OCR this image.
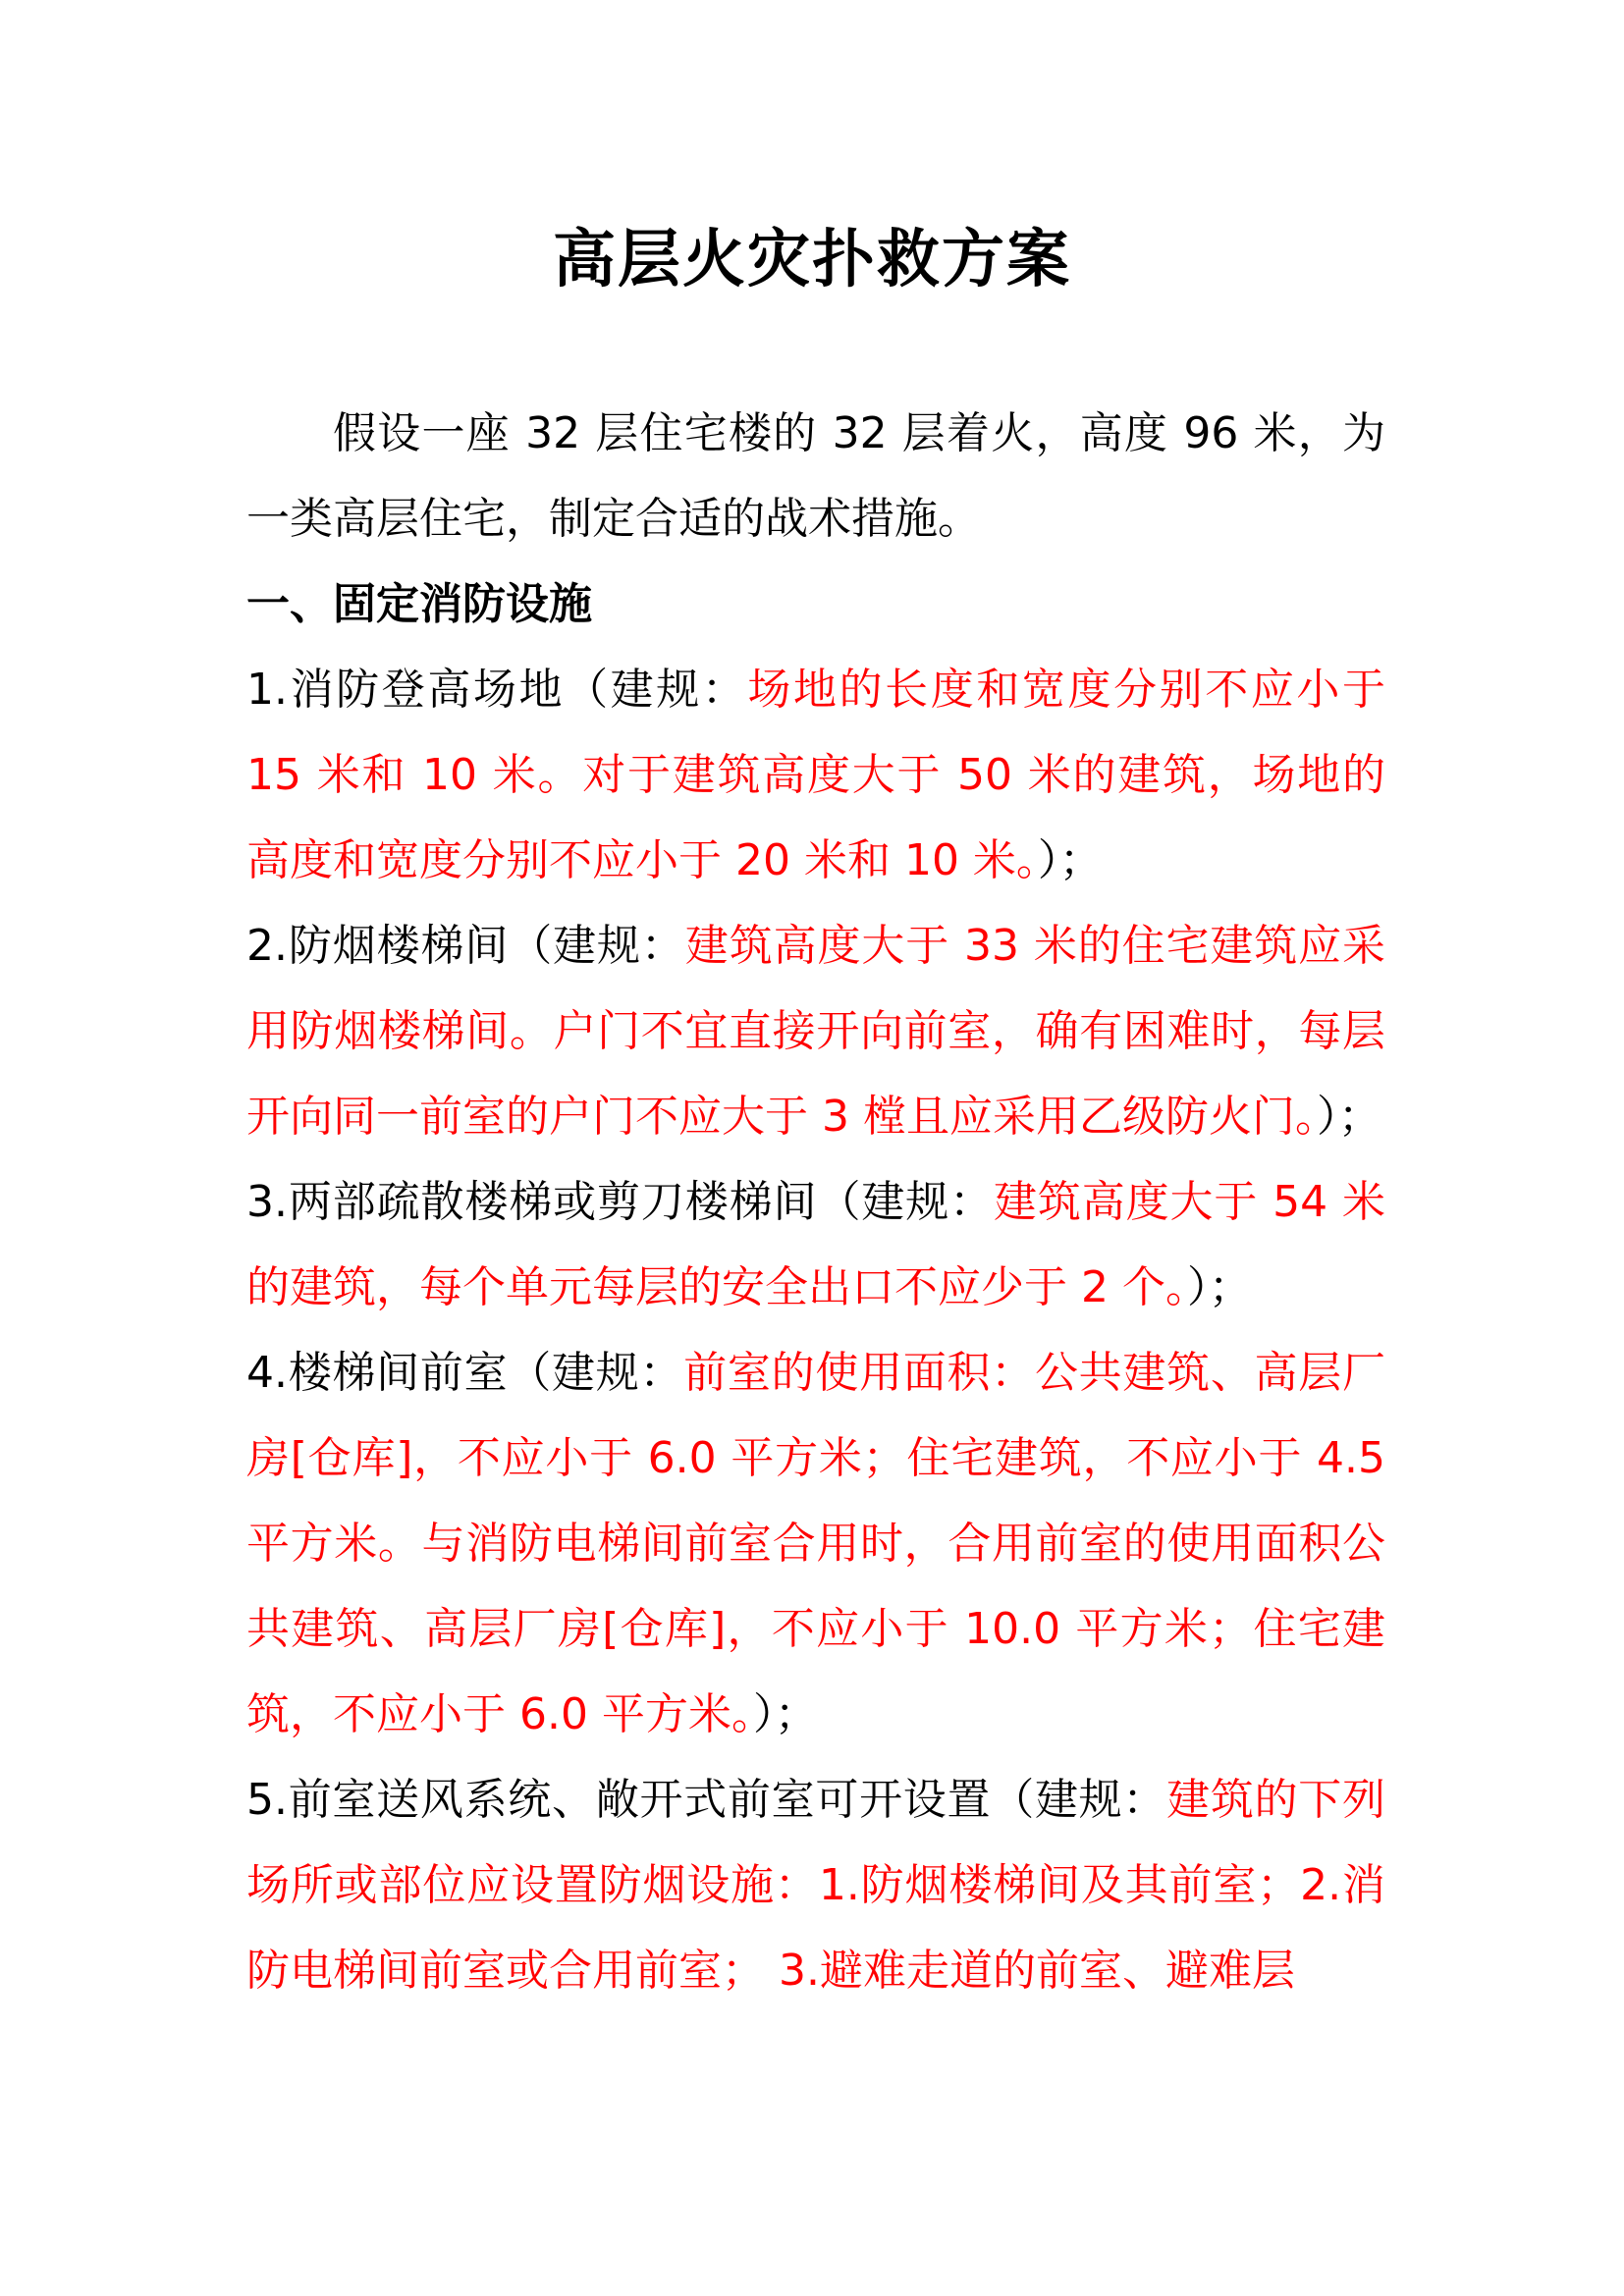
高层火灾扑救方案

假设一座 32 层住宅楼的 32 层着火，高度 96 米，为一类高层住宅，制定合适的战术措施。

一、固定消防设施

1.消防登高场地（建规：场地的长度和宽度分别不应小于 15 米和 10 米。对于建筑高度大于 50 米的建筑，场地的高度和宽度分别不应小于 20 米和 10 米。）；

2.防烟楼梯间（建规：建筑高度大于 33 米的住宅建筑应采用防烟楼梯间。户门不宜直接开向前室，确有困难时，每层开向同一前室的户门不应大于 3 樘且应采用乙级防火门。）；

3.两部疏散楼梯或剪刀楼梯间（建规：建筑高度大于 54 米的建筑，每个单元每层的安全出口不应少于 2 个。）；

4.楼梯间前室（建规：前室的使用面积：公共建筑、高层厂房[仓库]，不应小于 6.0 平方米；住宅建筑，不应小于 4.5 平方米。与消防电梯间前室合用时，合用前室的使用面积公共建筑、高层厂房[仓库]，不应小于 10.0 平方米；住宅建筑，不应小于 6.0 平方米。）；

5.前室送风系统、敞开式前室可开设置（建规：建筑的下列场所或部位应设置防烟设施：1.防烟楼梯间及其前室；2.消防电梯间前室或合用前室； 3.避难走道的前室、避难层
